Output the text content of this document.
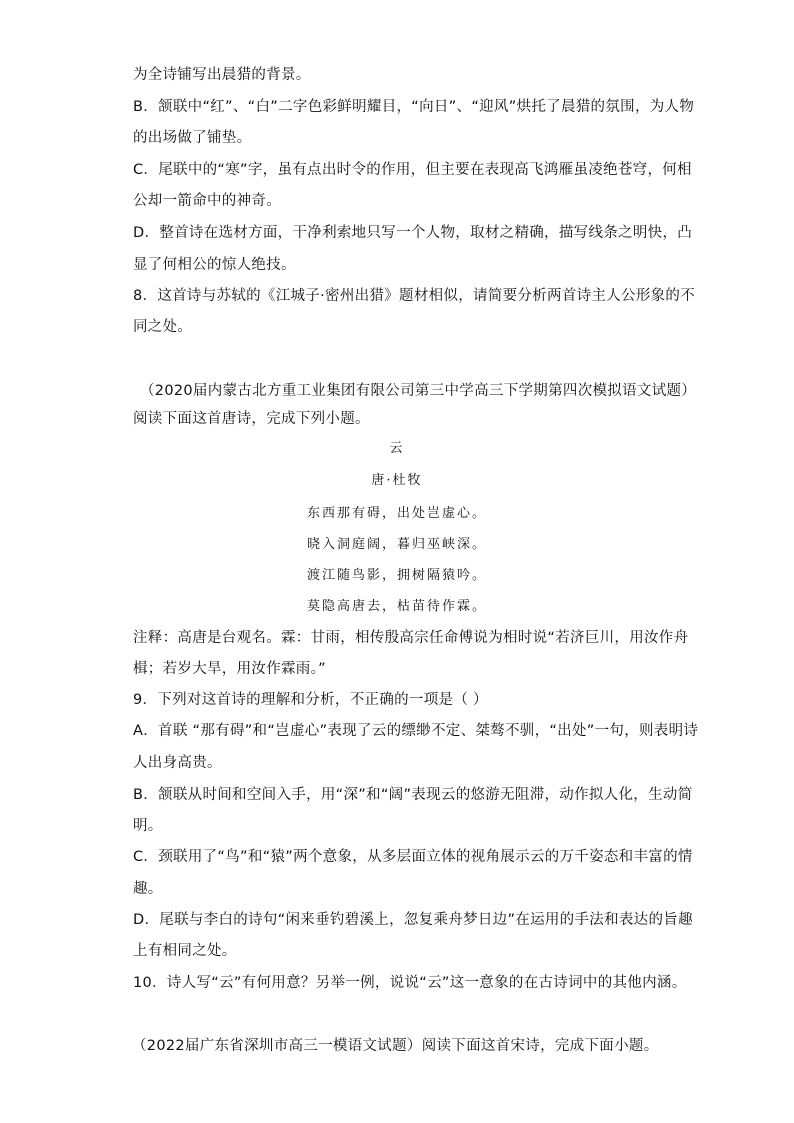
为全诗铺写出晨猎的背景。
B．颔联中“红”、“白”二字色彩鲜明耀目，“向日”、“迎风”烘托了晨猎的氛围，为人物
的出场做了铺垫。
C．尾联中的“寒”字，虽有点出时令的作用，但主要在表现高飞鸿雁虽凌绝苍穹，何相
公却一箭命中的神奇。
D．整首诗在选材方面，干净利索地只写一个人物，取材之精确，描写线条之明快，凸
显了何相公的惊人绝技。
8．这首诗与苏轼的《江城子·密州出猎》题材相似，请简要分析两首诗主人公形象的不
同之处。
（2020届内蒙古北方重工业集团有限公司第三中学高三下学期第四次模拟语文试题）
阅读下面这首唐诗，完成下列小题。
云
唐·杜牧
东西那有碍，出处岂虚心。
晓入洞庭阔，暮归巫峡深。
渡江随鸟影，拥树隔猿吟。
莫隐高唐去，枯苗待作霖。
注释：高唐是台观名。霖：甘雨，相传殷高宗任命傅说为相时说“若济巨川，用汝作舟
楫；若岁大旱，用汝作霖雨。”
9．下列对这首诗的理解和分析，不正确的一项是（ ）
A．首联 “那有碍”和“岂虚心”表现了云的缥缈不定、桀骜不驯，“出处”一句，则表明诗
人出身高贵。
B．颔联从时间和空间入手，用“深”和“阔”表现云的悠游无阻滞，动作拟人化，生动简
明。
C．颈联用了“鸟”和“猿”两个意象，从多层面立体的视角展示云的万千姿态和丰富的情
趣。
D．尾联与李白的诗句“闲来垂钓碧溪上，忽复乘舟梦日边”在运用的手法和表达的旨趣
上有相同之处。
10．诗人写“云”有何用意？另举一例，说说“云”这一意象的在古诗词中的其他内涵。
（2022届广东省深圳市高三一模语文试题）阅读下面这首宋诗，完成下面小题。
